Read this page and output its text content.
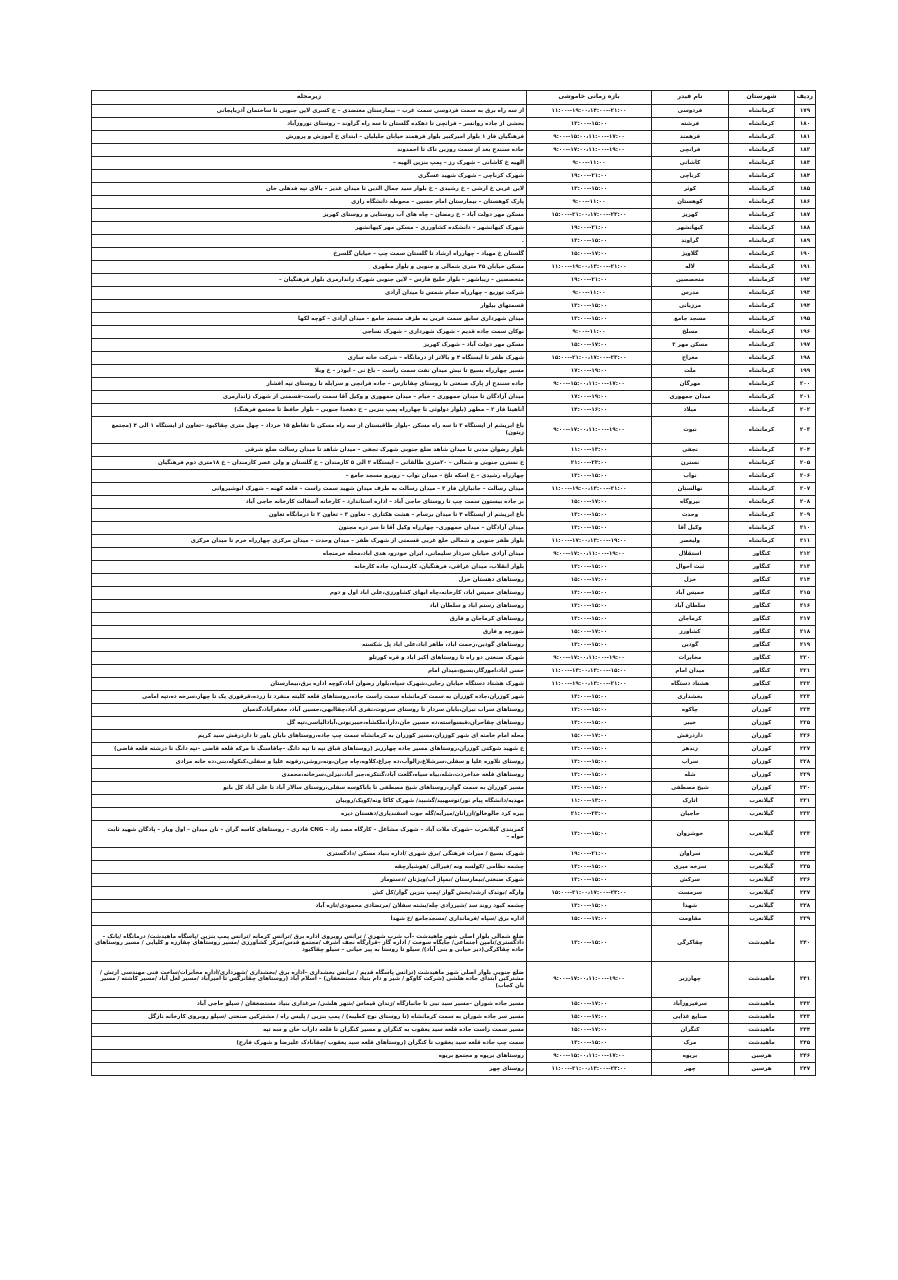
ردیف	شهرستان	نام فیدر	بازه زمانی خاموشی	زیرمحله
۱۷۹	کرمانشاه	فردوسی	۲۱:۰۰--۱۹:۰۰،۱۴:۰۰--۱۱:۰۰	از سه راه برق به سمت فردوسی سمت غرب – بیمارستان معتضدی – خ کسری لاین جنوبی تا ساختمان آذربایجانی
۱۸۰	کرمانشاه	فرشته	۱۵:۰۰--۱۳:۰۰	بخشی از جاده روانسر – فرانچی تا دهکده گلستان تا سه راه گراوند – روستای نوروزآباد
۱۸۱	کرمانشاه	فرهمند	۱۷:۰۰--۱۵:۰۰،۱۱:۰۰--۹:۰۰	فرهنگیان فاز ۱ بلوار امیرکبیر بلوار فرهمند خیابان جلیلیان – ابتدای خ آموزش و پرورش
۱۸۲	کرمانشاه	فرانچی	۱۹:۰۰--۱۷:۰۰،۱۱:۰۰--۹:۰۰	جاده سنندج بعد از سمت روزبن تاک تا احمدوند
۱۸۳	کرمانشاه	کاشانی	۱۱:۰۰--۹:۰۰	الهیه خ کاشانی – شهرک رز – پمپ بنزین الهیه –
۱۸۴	کرمانشاه	کرناچی	۲۱:۰۰--۱۹:۰۰	شهرک کرناچی – شهرک شهید عسگری
۱۸۵	کرمانشاه	کوثر	۱۵:۰۰--۱۳:۰۰	لاین غربی خ ارشی – خ رشیدی – خ بلوار سید جمال الدین تا میدان غدیر – بالای تپه فدهلی خان
۱۸۶	کرمانشاه	کوهستان	۱۱:۰۰--۹:۰۰	پارک کوهستان – بیمارستان امام حسین – محوطه دانشگاه رازی
۱۸۷	کرمانشاه	کهریز	۲۳:۰۰--۲۱:۰۰،۱۷:۰۰--۱۵:۰۰	مسکن مهر دولت آباد – خ رمضان – چاه های آب روستایی و روستای کهریز
۱۸۸	کرمانشاه	کیهانشهر	۲۱:۰۰--۱۹:۰۰	شهرک کیهانشهر – دانشکده کشاورزی – مسکن مهر کیهانشهر
۱۸۹	کرمانشاه	گراوند	۱۵:۰۰--۱۳:۰۰	.
۱۹۰	کرمانشاه	گلاویژ	۱۷:۰۰--۱۵:۰۰	گلستان خ مهیاد – چهارراه ارشاد تا گلستان سمت چپ – خیابان گلسرخ
۱۹۱	کرمانشاه	لاله	۲۱:۰۰--۱۹:۰۰،۱۳:۰۰--۱۱:۰۰	مسکن خیابان ۴۵ متری شمالی و جنوبی و بلوار مطهری
۱۹۲	کرمانشاه	متخصصین	۲۱:۰۰--۱۹:۰۰	متخصصین – زیباشهر – بلوار خلیج فارس – لاین جنوبی شهرک زاندارمری بلوار فرهنگیان –
۱۹۳	کرمانشاه	مدرس	۱۱:۰۰--۹:۰۰	شرکت توزیع – چهارراه حمام شمس تا میدان آزادی
۱۹۴	کرمانشاه	مرزبانی	۱۵:۰۰--۱۳:۰۰	قسمتهای بیلوار
۱۹۵	کرمانشاه	مسجد جامع	۱۵:۰۰--۱۳:۰۰	میدان شهرداری سابق سمت غربی به طرف مسجد جامع – میدان آزادی – کوچه لکها
۱۹۶	کرمانشاه	مسلخ	۱۱:۰۰--۹:۰۰	نوکان سمت جاده قدیم – شهرک شهرداری – شهرک نساجی
۱۹۷	کرمانشاه	مسکن مهر ۲	۱۷:۰۰--۱۵:۰۰	مسکن مهر دولت آباد – شهرک کهریز
۱۹۸	کرمانشاه	معراج	۲۳:۰۰--۲۱:۰۰،۱۷:۰۰--۱۵:۰۰	شهرک ظفر تا ایستگاه ۴ و بالاتر از درمانگاه – شرکت خانه سازی
۱۹۹	کرمانشاه	ملت	۱۹:۰۰--۱۷:۰۰	مسیر چهارراه بسیج تا نبش میدان نفت سمت راست – باغ نی – ابوذر – خ وبلا
۲۰۰	کرمانشاه	مهرگان	۱۷:۰۰--۱۵:۰۰،۱۱:۰۰--۹:۰۰	جاده سنندج از پارک صنعتی تا روستای چقانارس – جاده فرانچی و سرابله تا روستای تپه افشار
۲۰۱	کرمانشاه	میدان جمهوری	۱۹:۰۰--۱۷:۰۰	میدان آزادگان تا میدان جمهوری – خیام – میدان جمهوری و وکیل آقا سمت راست–قسمتی از شهرک ژاندارمری
۲۰۲	کرمانشاه	میلاد	۱۶:۰۰--۱۴:۰۰	آناهیتا فاز ۲ – مطهر (بلوار دولوئی تا چهارراه پمپ بنزین – خ دهخدا جنوبی – بلوار حافظ تا مجتمع فرهنگ)
۲۰۳	کرمانشاه	نبوت	۱۹:۰۰--۱۷:۰۰،۱۱:۰۰--۹:۰۰	باغ ابریشم از ایستگاه ۲ تا سه راه مسکن –بلوار طاقبستان از سه راه مسکن تا تقاطع ۱۵ خرداد – چهل متری چقاکبود –تعاون از ایستگاه ۱ الی ۴ (مجتمع زیتون)
۲۰۴	کرمانشاه	نجفی	۱۳:۰۰--۱۱:۰۰	بلوار رضوان مدنی تا میدان شاهد ضلع جنوبی شهرک نجفی – میدان شاهد تا میدان رسالت ضلع شرقی
۲۰۵	کرمانشاه	نسترن	۲۳:۰۰--۲۱:۰۰	خ نسترن جنوبی و شمالی – ۲۰متری طالقانی – ایستگاه ۲ الی ۵ کارمندان – خ گلستان و ولی عصر کارمندان – خ ۱۸متری دوم فرهنگیان
۲۰۶	کرمانشاه	نواب	۱۵:۰۰--۱۳:۰۰	چهارراه رشیدی – خ اسکه تلخ – میدان نواب – روبرو مسجد جامع –
۲۰۷	کرمانشاه	نهالستان	۲۱:۰۰--۱۹:۰۰،۱۳:۰۰--۱۱:۰۰	میدان رسالت – جانبازان فاز ۲ – میدان رسالت به طرف میدان شهید سمت راست – قلعه کهنه – شهرک انوشیروانی
۲۰۸	کرمانشاه	نیروگاه	۱۷:۰۰--۱۵:۰۰	بر جاده بیستون سمت چپ تا روستای حاجی آباد – اداره استاندارد – کارخانه آسفالت کارخانه حاجی آباد
۲۰۹	کرمانشاه	وحدت	۱۵:۰۰--۱۳:۰۰	باغ ابریشم از ایستگاه ۴ تا میدان برسام – هشت هکتاری – تعاون ۳ – تعاون ۲ تا درمانگاه تعاون
۲۱۰	کرمانشاه	وکیل آقا	۱۵:۰۰--۱۳:۰۰	میدان آزادگان – میدان جمهوری– چهارراه وکیل آقا تا سر دره مجنون
۲۱۱	کرمانشاه	ولیعصر	۱۹:۰۰--۱۷:۰۰،۱۳:۰۰--۱۱:۰۰	بلوار ظفر جنوبی و شمالی خلع غربی قسمتی از شهرک ظفر – میدان وحدت – میدان مرکزی چهارراه خرم تا میدان مرکزی
۲۱۲	کنگاور	استقلال	۱۹:۰۰--۱۷:۰۰،۱۱:۰۰--۹:۰۰	میدان آزادی خیابان سردار سلیمانی، ایران خودرو، هدی اباد،محله خرمنجاه
۲۱۳	کنگاور	ثبت احوال	۱۵:۰۰--۱۳:۰۰	بلوار انقلاب، میدان عراقی، فرهنگیان، کارمندان، جاده کارخانه
۲۱۴	کنگاور	خزل	۱۷:۰۰--۱۵:۰۰	روستاهای دهستان خزل
۲۱۵	کنگاور	خمیس آباد	۱۵:۰۰--۱۳:۰۰	روستاهای خمیس اباد، کارخانه،چاه ابهای کشاورزی،علی اباد اول و دوم
۲۱۶	کنگاور	سلطان آباد	۱۵:۰۰--۱۳:۰۰	روستاهای رستم اباد و سلطان اباد
۲۱۷	کنگاور	کرماجان	۱۵:۰۰--۱۳:۰۰	روستاهای کرماجان و فارق
۲۱۸	کنگاور	کشاورز	۱۷:۰۰--۱۵:۰۰	شورچه و فارق
۲۱۹	کنگاور	گودین	۱۵:۰۰--۱۳:۰۰	روستاهای گودین،رحمت اباد، طاهر اباد،علی اباد پل شکسته
۲۲۰	کنگاور	مخابرات	۱۹:۰۰--۱۷:۰۰،۱۱:۰۰--۹:۰۰	شهرک صنعتی دو راه تا روستاهای اکبر اباد و قره کورتلو
۲۲۱	کنگاور	میدان امام	۱۵:۰۰--۱۳:۰۰،۱۳:۰۰--۱۱:۰۰	حسن اباد،اموزگار،بسیج،میدان امام
۲۲۲	کنگاور	هشتاد دستگاه	۲۱:۰۰--۱۹:۰۰،۱۳:۰۰--۱۱:۰۰	شهرک هشتاد دستگاه خیابان رجایی،شهرک سپاه،بلوار رضوان اباد،کوچه اداره برق،بیمارستان
۲۲۳	کوزران	بخشداری	۱۵:۰۰--۱۳:۰۰	شهر کوزران،جاده کوزران به سمت کرمانشاه سمت راست جاده،روستاهای قلعه کلیته منفرد تا زرده،قرقوری یک تا چهار،سرخه ده،تپه امامی
۲۲۴	کوزران	چاکوه	۱۵:۰۰--۱۳:۰۰	روستاهای سراب نیران،بابان سردار تا روستای سرتوت،نفری آباد،چقاابهی،حسین آباد، جعفرآباد،گدمیان
۲۲۵	کوزران	خیبر	۱۵:۰۰--۱۳:۰۰	روستاهای چقاحران،قبسواسته،ده حسین خان،دارا،ملکشاه،خیبرنوتی،آبادالیاسی،تپه گل
۲۲۶	کوزران	داردرفش	۱۷:۰۰--۱۵:۰۰	محله امام خامنه ای شهر کوزران،مسیر کوزران به کرمانشاه سمت چپ جاده،روستاهای بابان یاور تا داردرفش سید کریم
۲۲۷	کوزران	زندهر	۱۵:۰۰--۱۳:۰۰	خ شهید شوکتی کوزران،روستاهای مسیر جاده چهارزبر (روستاهای قباق تپه تا تپه دانگ –چاقاسنگ تا مرکه قلعه قاضی –تپه دانگ تا درشته قلعه قاضی)
۲۲۸	کوزران	سراب	۱۵:۰۰--۱۳:۰۰	روستای تلاوره علیا و سفلی،سرشلاغ،زالوآب،ده چراغ،کلاوه،چاه چران،ونه،روشن،رفونه علیا و سفلی،کنکوله،بنی،ده خانه مرادی
۲۲۹	کوزران	شله	۱۵:۰۰--۱۳:۰۰	روستاهای قلعه خداخردت،شله،بیاه سیاه،گلعت آباد،گنتکره،جبر آباد،نیرلی،سرخانه،محمدی
۲۳۰	کوزران	شیخ مصطفی	۱۵:۰۰--۱۳:۰۰	مسیر کوزران به سمت گوار،روستاهای شیخ مصطفی تا باباکوسه سفلی،روستای سالار آباد تا علی آباد کل بانو
۲۳۱	گیلانغرب	اتارک	۱۳:۰۰--۱۱:۰۰	مهدیه/دانشگاه پیام نور/توسهبید/گشبید/ شهرک کاکا ونه/کویک/روبیان
۲۳۲	گیلانغرب	حاجیان	۲۳:۰۰--۲۱:۰۰	بیره کرد خالوخالو/ازرانان/میرآبه/گله جوب اسفندیاری/دهستان دیره
۲۳۳	گیلانغرب	خوشروان	۱۵:۰۰--۱۳:۰۰	کمربندی گیلانغرب –شهرک ملات آباد – شهرک مشاغل – کارگاه مصد زاد – CNG قادری – روستاهای کاسه گران – نان میدان – اول وبار – پادگان شهید ثابت خواه –
۲۳۴	گیلانغرب	سراوان	۲۱:۰۰--۱۹:۰۰	شهرک بسیج / میراث فرهنگی /برق شهری /اداره بنیاد مسکن /دادگستری
۲۳۵	گیلانغرب	سرخه میری	۱۵:۰۰--۱۳:۰۰	چشمه نظامی /کولسه ونه /فیرالی /هوشیارچقه
۲۳۶	گیلانغرب	سرکش	۱۵:۰۰--۱۳:۰۰	شهرک صنعتی/بیمارستان /بمپاژ آب/ویژنان /دستوماز
۲۳۷	گیلانغرب	سرمست	۲۳:۰۰--۲۱:۰۰،۱۷:۰۰--۱۵:۰۰	وارگه /بوندک ارشد/بخش گوار /پمپ بنزین گوار/کل کش
۲۳۸	گیلانغرب	شهدا	۱۵:۰۰--۱۳:۰۰	چشمه کبود روند سد /شیرزادی چله/بشته سفلان /مرتضادی محمودی/تازه آباد
۲۳۹	گیلانغرب	مقاومت	۱۷:۰۰--۱۵:۰۰	اداره برق /سپاه /فرمانداری /مسجدجامع /خ شهدا
۲۴۰	ماهیدشت	چقاکرگی	۱۵:۰۰--۱۳:۰۰	ضلع شمالی بلوار اصلی شهر ماهیدشت –آب شرب شهری / ترانس روبروی اداره برق /ترانس کرمانه /ترانس پمپ بنزین /پاسگاه ماهیدشت/ درمانگاه /بانک – دادگستری/تامین اجتماعی/ جایگاه سوخت / اداره گاز –قرارگاه نجف اشرف /مجتمع قدس/مرکز کشاورزی /مسیر روستاهای چقارزه و کلیایی / مسیر روستاهای جاده چقاکرگی(دیر خیانی و بنی آباد)/ سیلو تا روستا به پیر خیانی – سیلو چقاکبود
۲۴۱	ماهیدشت	چهارزبر	۱۹:۰۰--۱۷:۰۰،۱۱:۰۰--۹:۰۰	ضلع جنوبی بلوار اصلی شهر ماهیدشت (ترانس پاسگاه قدیم / ترانس بخشداری –اداره برق /بخشداری /شهرداری/اداره مخابرات/ساخت فنی مهندسی ارتش / مشترکین ابتدای جاده هلشی (شرکت کاوکو / شیر و دام بنیاد مستضعفان) – اسلام آباد (روستاهای چقانرگس تا امیرآباد /مسیر لعل آباد /مسیر کاشته / مسیر بان کجاب)
۲۴۲	ماهیدشت	سرفیروزآباد	۱۷:۰۰--۱۵:۰۰	مسیر جاده شوران –مسیر سید نبی تا جانبازگاه /زندان قیماس /شهر هلشی/ مرغداری بنیاد مستضعفان / سیلو حاجی آباد
۲۴۳	ماهیدشت	صنایع غذایی	۱۷:۰۰--۱۵:۰۰	مسیر سر جاده شوران به سمت کرمانشاه (تا روستای نوح کطیبه) / پمپ بنزین / پلیس راه / مشترکین صنعتی /سیلو روبروی کارخانه نازگل
۲۴۴	ماهیدشت	کنگران	۱۷:۰۰--۱۵:۰۰	مسیر سمت راست جاده قلعه سید یعقوب به کنگران و مسیر کنگران تا قلعه داراب خان و سه تپه
۲۴۵	ماهیدشت	مرک	۱۵:۰۰--۱۳:۰۰	سمت چپ جاده قلعه سید یعقوب تا کنگران (روستاهای قلعه سید یعقوب /چقانادک علیرضا و شهرک فارج)
۲۴۶	هرسین	بریوه	۱۷:۰۰--۱۵:۰۰،۱۱:۰۰--۹:۰۰	روستاهای بریوه و مجتمع بریوه
۲۴۷	هرسین	چهر	۲۳:۰۰--۲۱:۰۰،۱۳:۰۰--۱۱:۰۰	روستای چهر
